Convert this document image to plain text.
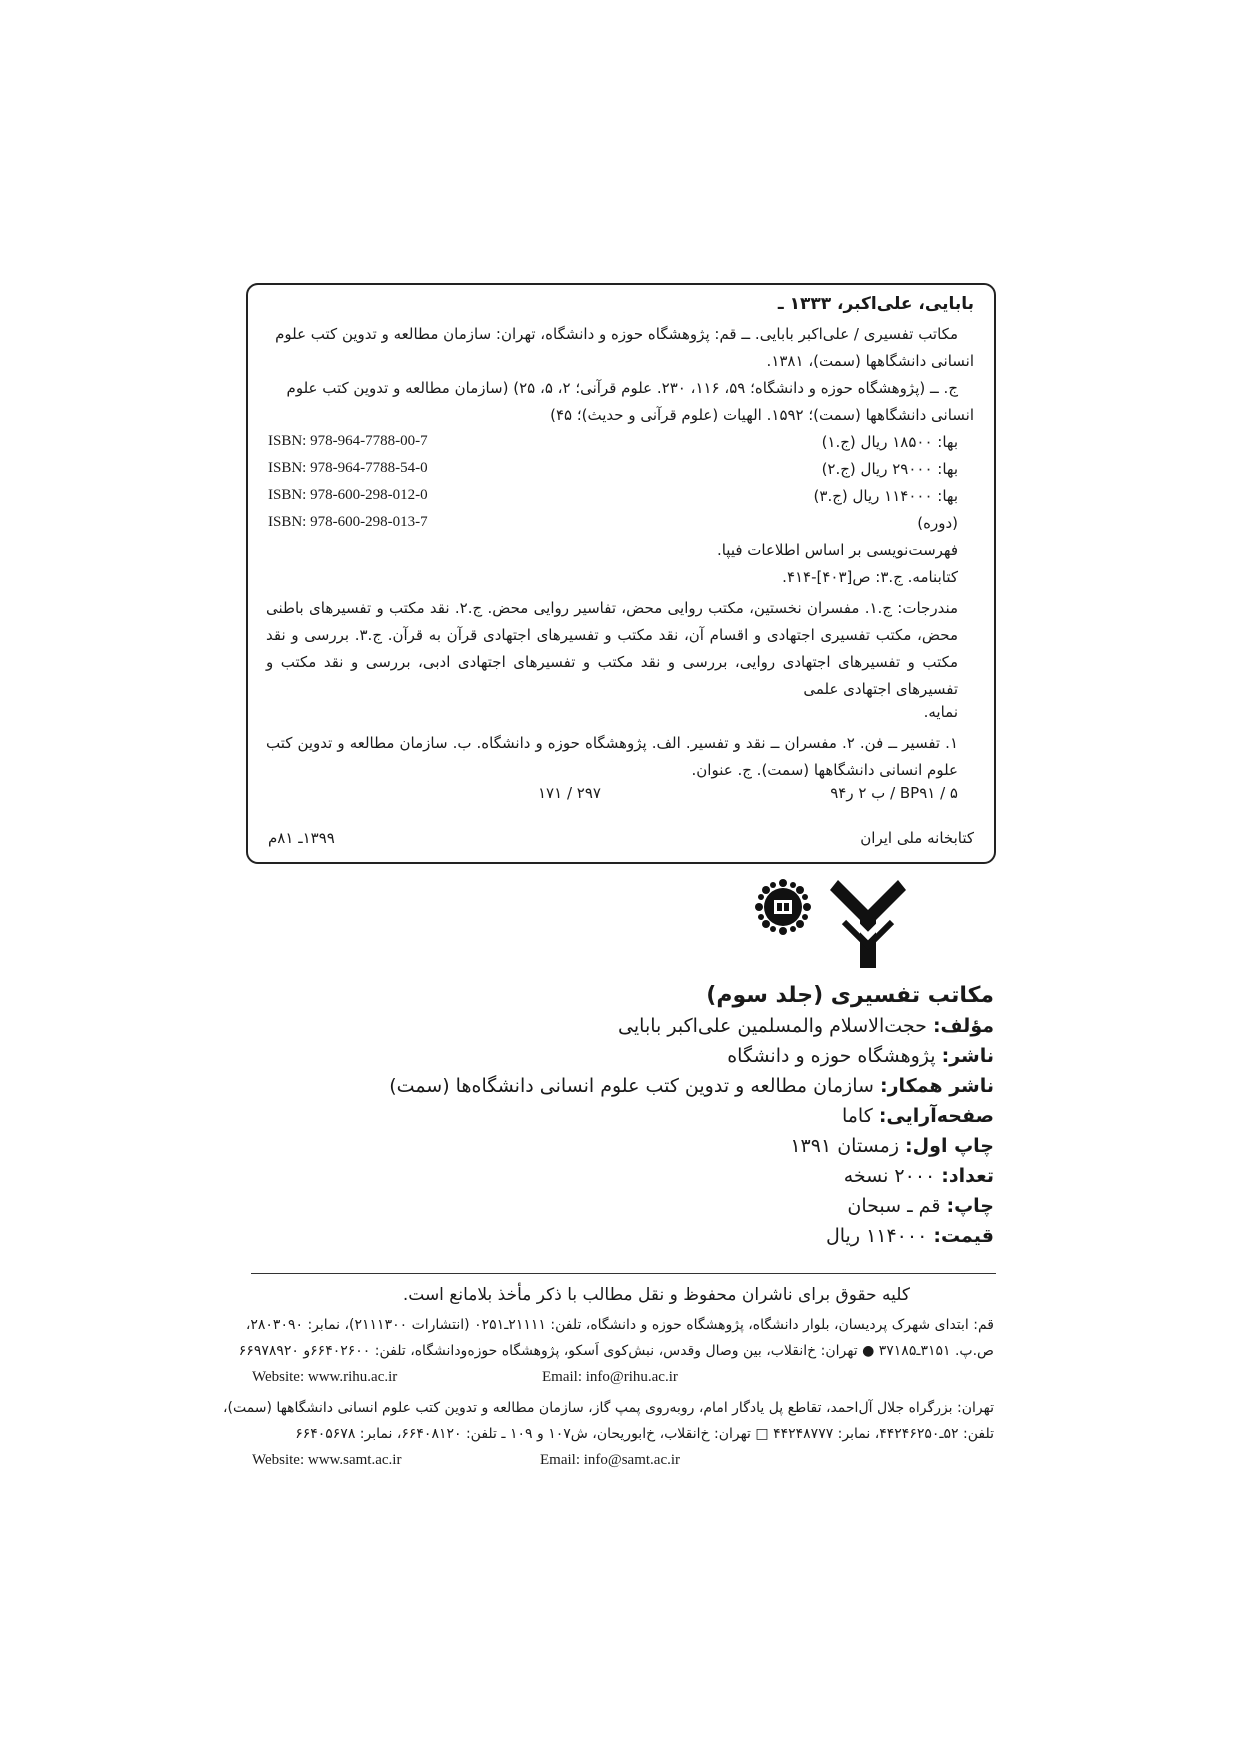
بابایی، علی‌اکبر، ۱۳۳۳ ـ
مکاتب تفسیری / علی‌اکبر بابایی. ــ قم: پژوهشگاه حوزه و دانشگاه، تهران: سازمان مطالعه و تدوین کتب علوم
انسانی دانشگاهها (سمت)، ۱۳۸۱.
ج. ــ (پژوهشگاه حوزه و دانشگاه؛ ۵۹، ۱۱۶، ۲۳۰. علوم قرآنی؛ ۲، ۵، ۲۵) (سازمان مطالعه و تدوین کتب علوم
انسانی دانشگاهها (سمت)؛ ۱۵۹۲. الهیات (علوم قرآنی و حدیث)؛ ۴۵)
بها: ۱۸۵۰۰ ریال (ج.۱)
ISBN: 978-964-7788-00-7
بها: ۲۹۰۰۰ ریال (ج.۲)
ISBN: 978-964-7788-54-0
بها: ۱۱۴۰۰۰ ریال (ج.۳)
ISBN: 978-600-298-012-0
(دوره)
ISBN: 978-600-298-013-7
فهرست‌نویسی بر اساس اطلاعات فیپا.
کتابنامه. ج.۳: ص[۴۰۳]-۴۱۴.
مندرجات: ج.۱. مفسران نخستین، مکتب روایی محض، تفاسیر روایی محض. ج.۲. نقد مکتب و تفسیرهای باطنی محض، مکتب تفسیری اجتهادی و اقسام آن، نقد مکتب و تفسیرهای اجتهادی قرآن به قرآن. ج.۳. بررسی و نقد مکتب و تفسیرهای اجتهادی روایی، بررسی و نقد مکتب و تفسیرهای اجتهادی ادبی، بررسی و نقد مکتب و تفسیرهای اجتهادی علمی
نمایه.
۱. تفسیر ــ فن. ۲. مفسران ــ نقد و تفسیر. الف. پژوهشگاه حوزه و دانشگاه. ب. سازمان مطالعه و تدوین کتب علوم انسانی دانشگاهها (سمت). ج. عنوان.
BP۹۱ / ۵ / ب ۲ ر۹۴
۲۹۷ / ۱۷۱
کتابخانه ملی ایران
۱۳۹۹ـ ۸۱م
مکاتب تفسیری (جلد سوم)
مؤلف: حجت‌الاسلام والمسلمین علی‌اکبر بابایی
ناشر: پژوهشگاه حوزه و دانشگاه
ناشر همکار: سازمان مطالعه و تدوین کتب علوم انسانی دانشگاه‌ها (سمت)
صفحه‌آرایی: کاما
چاپ اول: زمستان ۱۳۹۱
تعداد: ۲۰۰۰ نسخه
چاپ: قم ـ سبحان
قیمت: ۱۱۴۰۰۰ ریال
کلیه حقوق برای ناشران محفوظ و نقل مطالب با ذکر مأخذ بلامانع است.
قم: ابتدای شهرک پردیسان، بلوار دانشگاه، پژوهشگاه حوزه و دانشگاه، تلفن: ۲۱۱۱۱ـ۰۲۵۱ (انتشارات ۲۱۱۱۳۰۰)، نمابر: ۲۸۰۳۰۹۰،
ص.پ. ۳۱۵۱ـ۳۷۱۸۵ ● تهران: خ‌انقلاب، بین وصال وقدس، نبش‌کوی اَسکو، پژوهشگاه حوزه‌ودانشگاه، تلفن: ۶۶۴۰۲۶۰۰و ۶۶۹۷۸۹۲۰
Website: www.rihu.ac.ir	Email: info@rihu.ac.ir
تهران: بزرگراه جلال آل‌احمد، تقاطع پل یادگار امام، روبه‌روی پمپ گاز، سازمان مطالعه و تدوین کتب علوم انسانی دانشگاهها (سمت)،
تلفن: ۵۲ـ۴۴۲۴۶۲۵۰، نمابر: ۴۴۲۴۸۷۷۷ □ تهران: خ‌انقلاب، خ‌ابوریحان، ش۱۰۷ و ۱۰۹ ـ تلفن: ۶۶۴۰۸۱۲۰، نمابر: ۶۶۴۰۵۶۷۸
Website: www.samt.ac.ir	Email: info@samt.ac.ir
